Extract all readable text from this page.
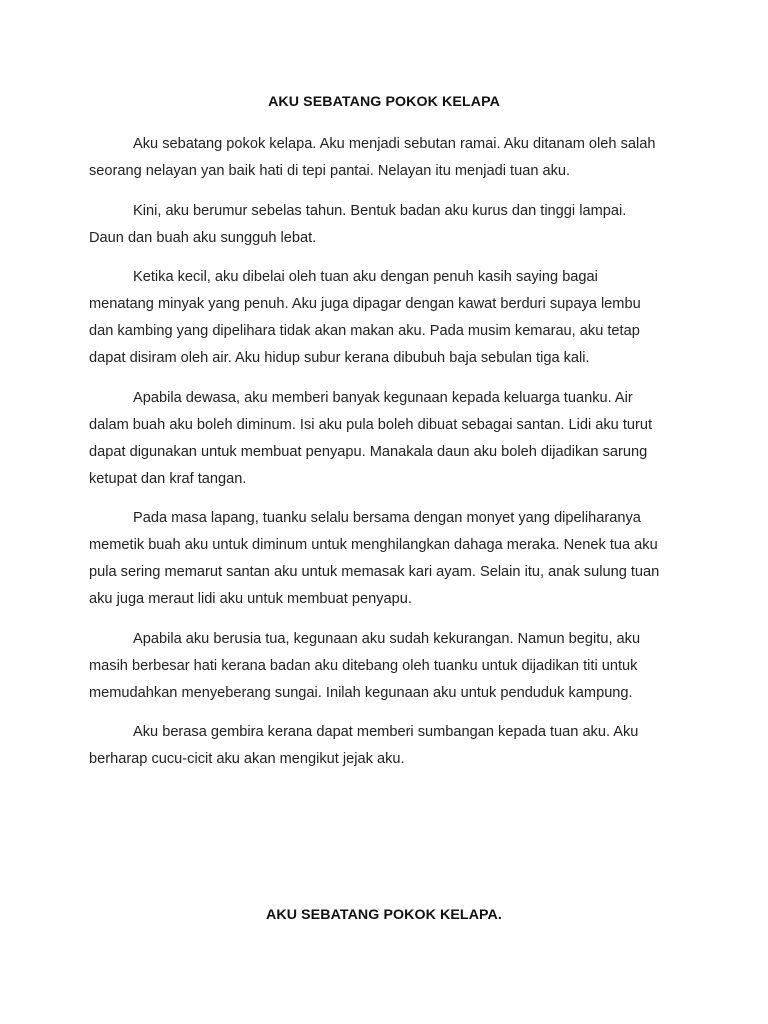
AKU SEBATANG POKOK KELAPA

Aku sebatang pokok kelapa. Aku menjadi sebutan ramai. Aku ditanam oleh salah
seorang nelayan yan baik hati di tepi pantai. Nelayan itu menjadi tuan aku.

Kini, aku berumur sebelas tahun. Bentuk badan aku kurus dan tinggi lampai.
Daun dan buah aku sungguh lebat.

Ketika kecil, aku dibelai oleh tuan aku dengan penuh kasih saying bagai
menatang minyak yang penuh. Aku juga dipagar dengan kawat berduri supaya lembu
dan kambing yang dipelihara tidak akan makan aku. Pada musim kemarau, aku tetap
dapat disiram oleh air. Aku hidup subur kerana dibubuh baja sebulan tiga kali.

Apabila dewasa, aku memberi banyak kegunaan kepada keluarga tuanku. Air
dalam buah aku boleh diminum. Isi aku pula boleh dibuat sebagai santan. Lidi aku turut
dapat digunakan untuk membuat penyapu. Manakala daun aku boleh dijadikan sarung
ketupat dan kraf tangan.

Pada masa lapang, tuanku selalu bersama dengan monyet yang dipeliharanya
memetik buah aku untuk diminum untuk menghilangkan dahaga meraka. Nenek tua aku
pula sering memarut santan aku untuk memasak kari ayam. Selain itu, anak sulung tuan
aku juga meraut lidi aku untuk membuat penyapu.

Apabila aku berusia tua, kegunaan aku sudah kekurangan. Namun begitu, aku
masih berbesar hati kerana badan aku ditebang oleh tuanku untuk dijadikan titi untuk
memudahkan menyeberang sungai. Inilah kegunaan aku untuk penduduk kampung.

Aku berasa gembira kerana dapat memberi sumbangan kepada tuan aku. Aku
berharap cucu-cicit aku akan mengikut jejak aku.

AKU SEBATANG POKOK KELAPA.
